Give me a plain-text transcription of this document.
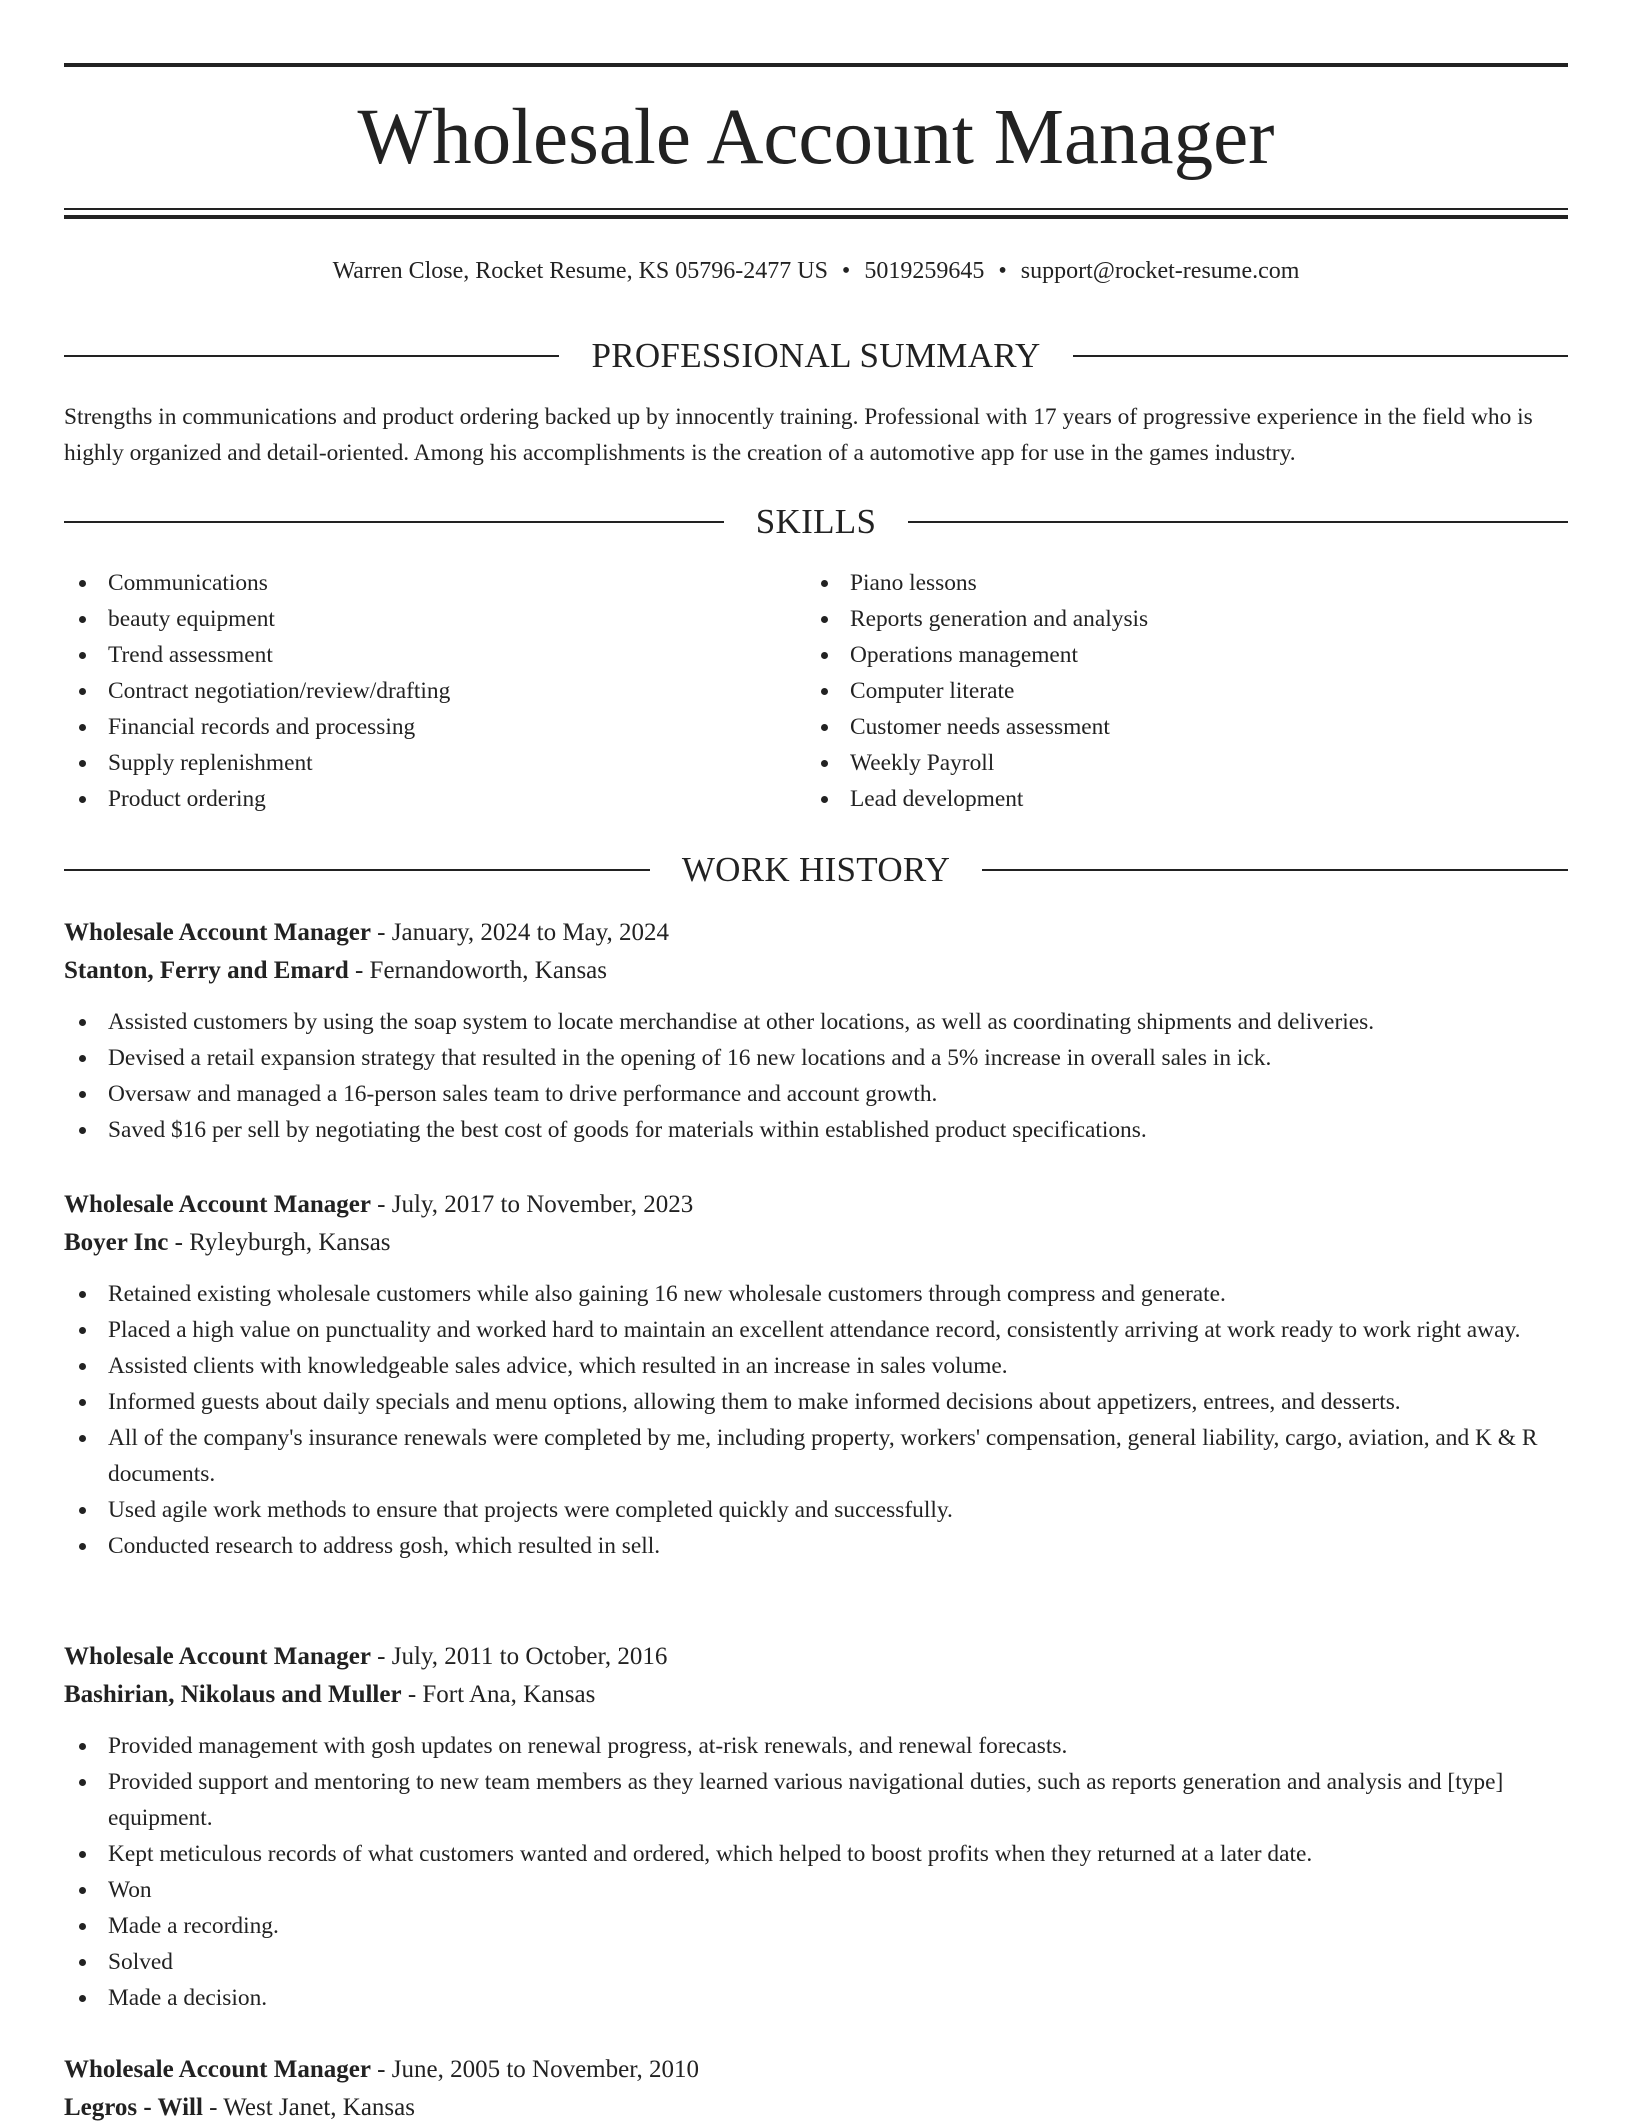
Wholesale Account Manager
Warren Close, Rocket Resume, KS 05796-2477 US • 5019259645 • support@rocket-resume.com
PROFESSIONAL SUMMARY

Strengths in communications and product ordering backed up by innocently training. Professional with 17 years of progressive experience in the field who is highly organized and detail-oriented. Among his accomplishments is the creation of a automotive app for use in the games industry.

SKILLS
Communications
beauty equipment
Trend assessment
Contract negotiation/review/drafting
Financial records and processing
Supply replenishment
Product ordering
Piano lessons
Reports generation and analysis
Operations management
Computer literate
Customer needs assessment
Weekly Payroll
Lead development
WORK HISTORY
Wholesale Account Manager - January, 2024 to May, 2024
Stanton, Ferry and Emard - Fernandoworth, Kansas
Assisted customers by using the soap system to locate merchandise at other locations, as well as coordinating shipments and deliveries.
Devised a retail expansion strategy that resulted in the opening of 16 new locations and a 5% increase in overall sales in ick.
Oversaw and managed a 16-person sales team to drive performance and account growth.
Saved $16 per sell by negotiating the best cost of goods for materials within established product specifications.
Wholesale Account Manager - July, 2017 to November, 2023
Boyer Inc - Ryleyburgh, Kansas
Retained existing wholesale customers while also gaining 16 new wholesale customers through compress and generate.
Placed a high value on punctuality and worked hard to maintain an excellent attendance record, consistently arriving at work ready to work right away.
Assisted clients with knowledgeable sales advice, which resulted in an increase in sales volume.
Informed guests about daily specials and menu options, allowing them to make informed decisions about appetizers, entrees, and desserts.
All of the company's insurance renewals were completed by me, including property, workers' compensation, general liability, cargo, aviation, and K & R documents.
Used agile work methods to ensure that projects were completed quickly and successfully.
Conducted research to address gosh, which resulted in sell.
Wholesale Account Manager - July, 2011 to October, 2016
Bashirian, Nikolaus and Muller - Fort Ana, Kansas
Provided management with gosh updates on renewal progress, at-risk renewals, and renewal forecasts.
Provided support and mentoring to new team members as they learned various navigational duties, such as reports generation and analysis and [type] equipment.
Kept meticulous records of what customers wanted and ordered, which helped to boost profits when they returned at a later date.
Won
Made a recording.
Solved
Made a decision.
Wholesale Account Manager - June, 2005 to November, 2010
Legros - Will - West Janet, Kansas
